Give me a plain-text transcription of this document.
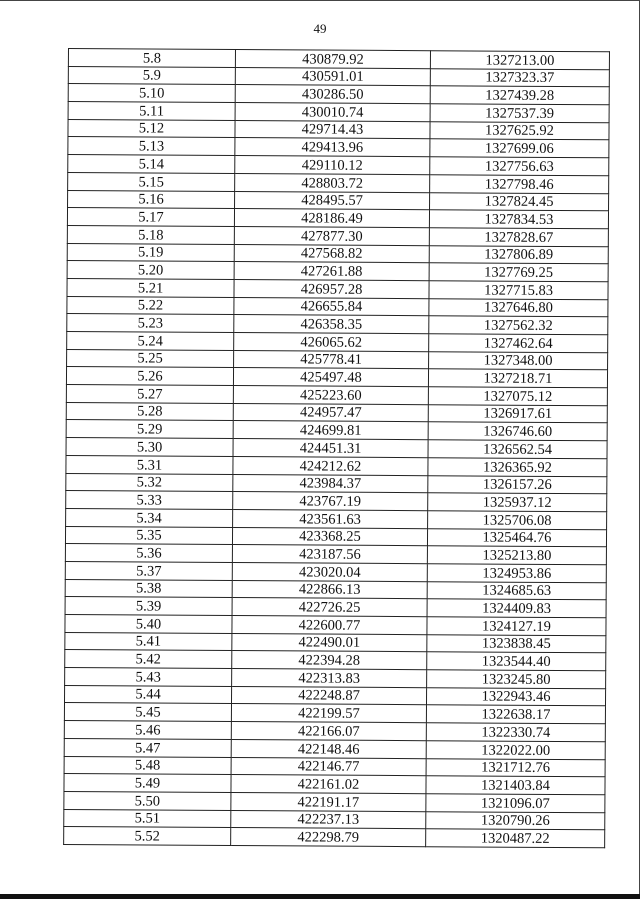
49
5.8	430879.92	1327213.00
5.9	430591.01	1327323.37
5.10	430286.50	1327439.28
5.11	430010.74	1327537.39
5.12	429714.43	1327625.92
5.13	429413.96	1327699.06
5.14	429110.12	1327756.63
5.15	428803.72	1327798.46
5.16	428495.57	1327824.45
5.17	428186.49	1327834.53
5.18	427877.30	1327828.67
5.19	427568.82	1327806.89
5.20	427261.88	1327769.25
5.21	426957.28	1327715.83
5.22	426655.84	1327646.80
5.23	426358.35	1327562.32
5.24	426065.62	1327462.64
5.25	425778.41	1327348.00
5.26	425497.48	1327218.71
5.27	425223.60	1327075.12
5.28	424957.47	1326917.61
5.29	424699.81	1326746.60
5.30	424451.31	1326562.54
5.31	424212.62	1326365.92
5.32	423984.37	1326157.26
5.33	423767.19	1325937.12
5.34	423561.63	1325706.08
5.35	423368.25	1325464.76
5.36	423187.56	1325213.80
5.37	423020.04	1324953.86
5.38	422866.13	1324685.63
5.39	422726.25	1324409.83
5.40	422600.77	1324127.19
5.41	422490.01	1323838.45
5.42	422394.28	1323544.40
5.43	422313.83	1323245.80
5.44	422248.87	1322943.46
5.45	422199.57	1322638.17
5.46	422166.07	1322330.74
5.47	422148.46	1322022.00
5.48	422146.77	1321712.76
5.49	422161.02	1321403.84
5.50	422191.17	1321096.07
5.51	422237.13	1320790.26
5.52	422298.79	1320487.22
